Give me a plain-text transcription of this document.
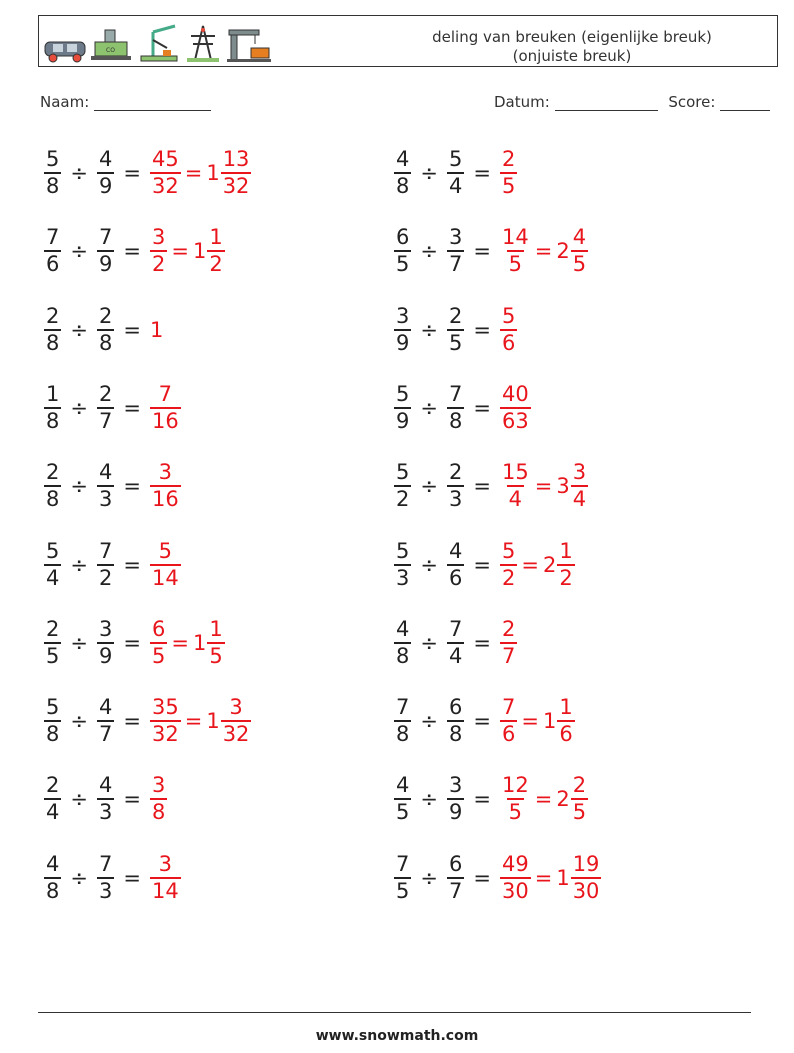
CO
deling van breuken (eigenlijke breuk)
(onjuiste breuk)
Naam:	Datum:	Score:
$\frac{5}{8} \div \frac{4}{9} = \frac{45}{32} = 1 \frac{13}{32}$	$\frac{4}{8} \div \frac{5}{4} = \frac{2}{5}$
$\frac{7}{6} \div \frac{7}{9} = \frac{3}{2} = 1 \frac{1}{2}$	$\frac{6}{5} \div \frac{3}{7} = \frac{14}{5} = 2 \frac{4}{5}$
$\frac{2}{8} \div \frac{2}{8} = 1$	$\frac{3}{9} \div \frac{2}{5} = \frac{5}{6}$
$\frac{1}{8} \div \frac{2}{7} = \frac{7}{16}$	$\frac{5}{9} \div \frac{7}{8} = \frac{40}{63}$
$\frac{2}{8} \div \frac{4}{3} = \frac{3}{16}$	$\frac{5}{2} \div \frac{2}{3} = \frac{15}{4} = 3 \frac{3}{4}$
$\frac{5}{4} \div \frac{7}{2} = \frac{5}{14}$	$\frac{5}{3} \div \frac{4}{6} = \frac{5}{2} = 2 \frac{1}{2}$
$\frac{2}{5} \div \frac{3}{9} = \frac{6}{5} = 1 \frac{1}{5}$	$\frac{4}{8} \div \frac{7}{4} = \frac{2}{7}$
$\frac{5}{8} \div \frac{4}{7} = \frac{35}{32} = 1 \frac{3}{32}$	$\frac{7}{8} \div \frac{6}{8} = \frac{7}{6} = 1 \frac{1}{6}$
$\frac{2}{4} \div \frac{4}{3} = \frac{3}{8}$	$\frac{4}{5} \div \frac{3}{9} = \frac{12}{5} = 2 \frac{2}{5}$
$\frac{4}{8} \div \frac{7}{3} = \frac{3}{14}$	$\frac{7}{5} \div \frac{6}{7} = \frac{49}{30} = 1 \frac{19}{30}$
www.snowmath.com
